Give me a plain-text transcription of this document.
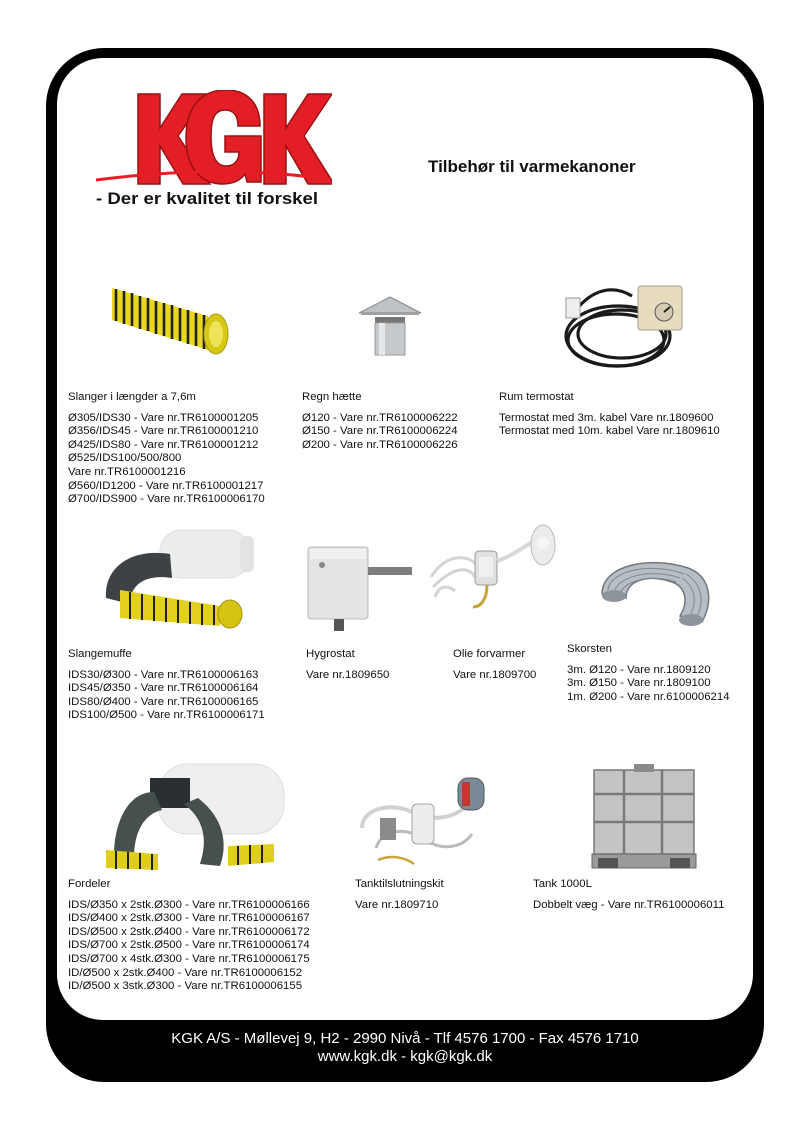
- Der er kvalitet til forskel
Tilbehør til varmekanoner
Slanger i længder a 7,6m
Ø305/IDS30 - Vare nr.TR6100001205
Ø356/IDS45 - Vare nr.TR6100001210
Ø425/IDS80 - Vare nr.TR6100001212
Ø525/IDS100/500/800
Vare nr.TR6100001216
Ø560/ID1200 - Vare nr.TR6100001217
Ø700/IDS900 - Vare nr.TR6100006170
Regn hætte
Ø120 - Vare nr.TR6100006222
Ø150 - Vare nr.TR6100006224
Ø200 - Vare nr.TR6100006226
Rum termostat
Termostat med 3m. kabel Vare nr.1809600
Termostat med 10m. kabel Vare nr.1809610
Slangemuffe
IDS30/Ø300 - Vare nr.TR6100006163
IDS45/Ø350 - Vare nr.TR6100006164
IDS80/Ø400 - Vare nr.TR6100006165
IDS100/Ø500 - Vare nr.TR6100006171
Hygrostat
Vare nr.1809650
Olie forvarmer
Vare nr.1809700
Skorsten
3m. Ø120 - Vare nr.1809120
3m. Ø150 - Vare nr.1809100
1m. Ø200 - Vare nr.6100006214
Fordeler
IDS/Ø350 x 2stk.Ø300 - Vare nr.TR6100006166
IDS/Ø400 x 2stk.Ø300 - Vare nr.TR6100006167
IDS/Ø500 x 2stk.Ø400 - Vare nr.TR6100006172
IDS/Ø700 x 2stk.Ø500 - Vare nr.TR6100006174
IDS/Ø700 x 4stk.Ø300 - Vare nr.TR6100006175
ID/Ø500 x 2stk.Ø400 - Vare nr.TR6100006152
ID/Ø500 x 3stk.Ø300 - Vare nr.TR6100006155
Tanktilslutningskit
Vare nr.1809710
Tank 1000L
Dobbelt væg - Vare nr.TR6100006011
KGK A/S - Møllevej 9, H2 - 2990 Nivå - Tlf 4576 1700 - Fax 4576 1710
www.kgk.dk - kgk@kgk.dk
